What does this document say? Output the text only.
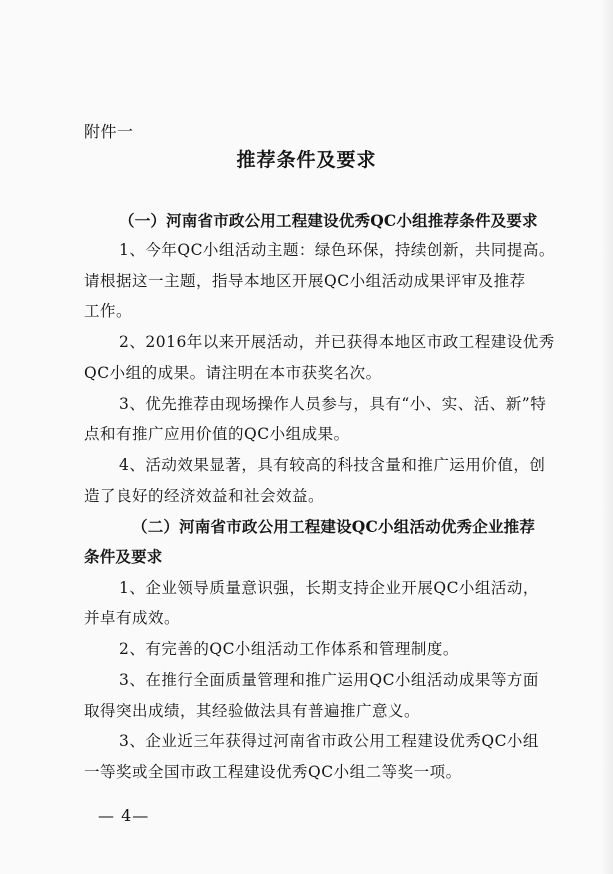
附件一
推荐条件及要求
（一）河南省市政公用工程建设优秀QC小组推荐条件及要求
1、今年QC小组活动主题：绿色环保，持续创新，共同提高。
请根据这一主题，指导本地区开展QC小组活动成果评审及推荐
工作。
2、2016年以来开展活动，并已获得本地区市政工程建设优秀
QC小组的成果。请注明在本市获奖名次。
3、优先推荐由现场操作人员参与，具有“小、实、活、新”特
点和有推广应用价值的QC小组成果。
4、活动效果显著，具有较高的科技含量和推广运用价值，创
造了良好的经济效益和社会效益。
（二）河南省市政公用工程建设QC小组活动优秀企业推荐
条件及要求
1、企业领导质量意识强，长期支持企业开展QC小组活动，
并卓有成效。
2、有完善的QC小组活动工作体系和管理制度。
3、在推行全面质量管理和推广运用QC小组活动成果等方面
取得突出成绩，其经验做法具有普遍推广意义。
3、企业近三年获得过河南省市政公用工程建设优秀QC小组
一等奖或全国市政工程建设优秀QC小组二等奖一项。
— 4—
